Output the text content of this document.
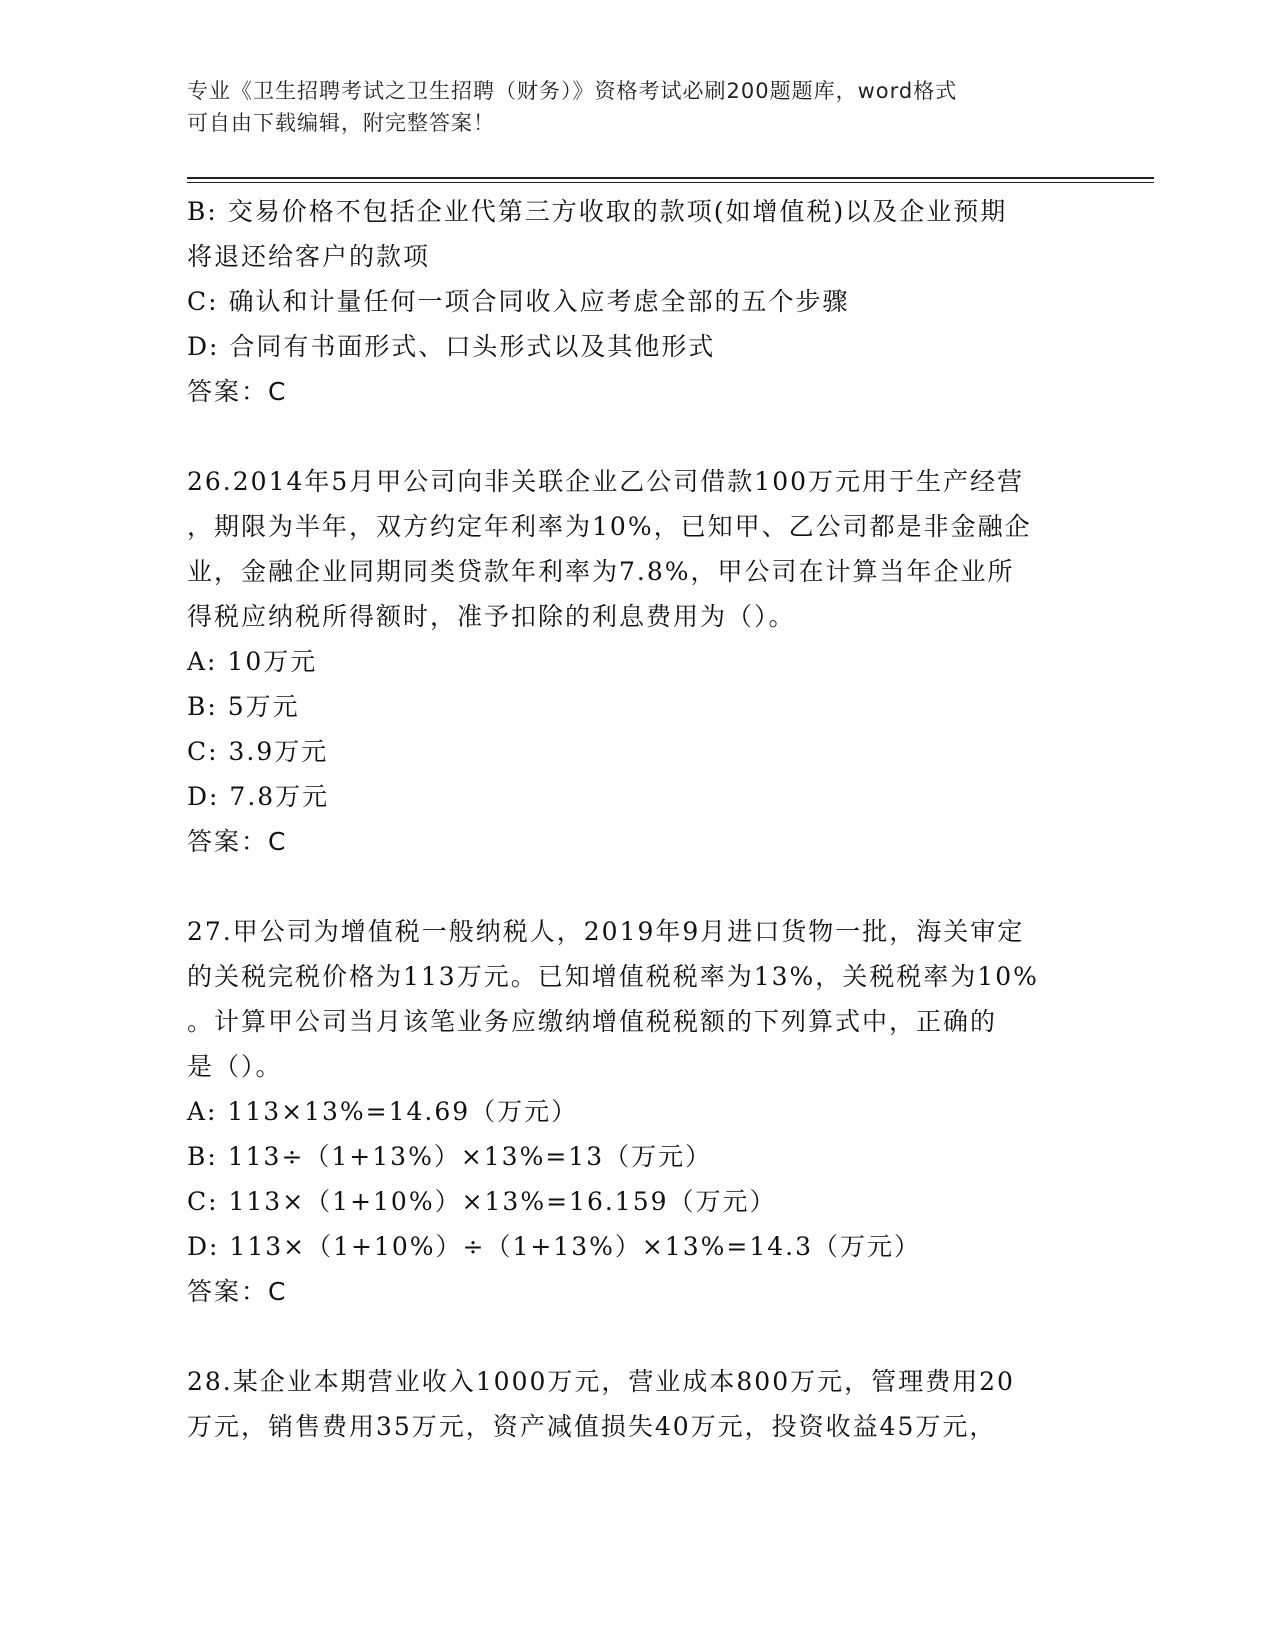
专业《卫生招聘考试之卫生招聘（财务）》资格考试必刷200题题库，word格式
可自由下载编辑，附完整答案！
B: 交易价格不包括企业代第三方收取的款项(如增值税)以及企业预期
将退还给客户的款项
C: 确认和计量任何一项合同收入应考虑全部的五个步骤
D: 合同有书面形式、口头形式以及其他形式
答案：C
26.2014年5月甲公司向非关联企业乙公司借款100万元用于生产经营
，期限为半年，双方约定年利率为10%，已知甲、乙公司都是非金融企
业，金融企业同期同类贷款年利率为7.8%，甲公司在计算当年企业所
得税应纳税所得额时，准予扣除的利息费用为（）。
A: 10万元
B: 5万元
C: 3.9万元
D: 7.8万元
答案：C
27.甲公司为增值税一般纳税人，2019年9月进口货物一批，海关审定
的关税完税价格为113万元。已知增值税税率为13%，关税税率为10%
。计算甲公司当月该笔业务应缴纳增值税税额的下列算式中，正确的
是（）。
A: 113×13%=14.69（万元）
B: 113÷（1+13%）×13%=13（万元）
C: 113×（1+10%）×13%=16.159（万元）
D: 113×（1+10%）÷（1+13%）×13%=14.3（万元）
答案：C
28.某企业本期营业收入1000万元，营业成本800万元，管理费用20
万元，销售费用35万元，资产减值损失40万元，投资收益45万元，
